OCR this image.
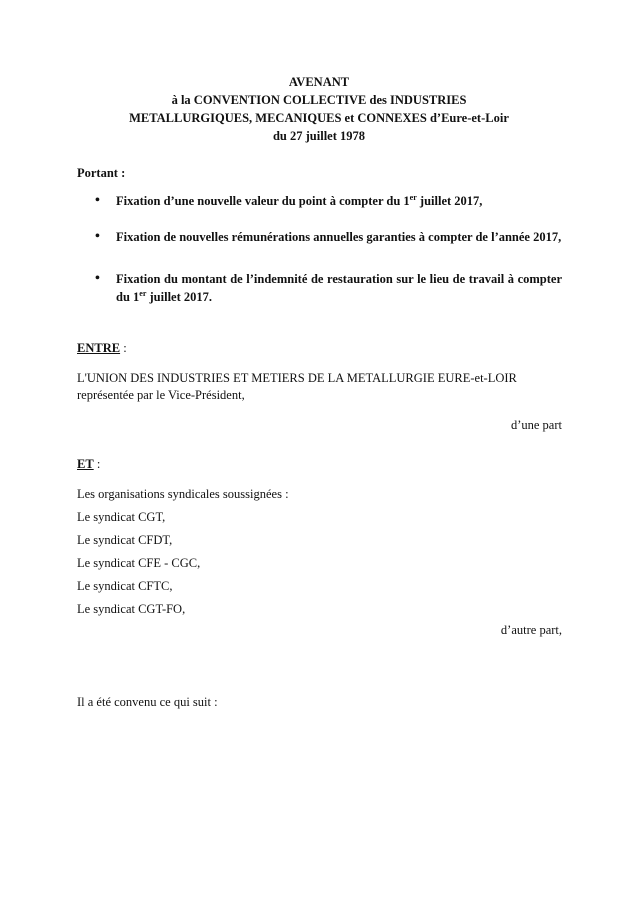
AVENANT
à la CONVENTION COLLECTIVE des INDUSTRIES
METALLURGIQUES, MECANIQUES et CONNEXES d’Eure-et-Loir
du 27 juillet 1978
Portant :
• Fixation d’une nouvelle valeur du point à compter du 1er juillet 2017,
• Fixation de nouvelles rémunérations annuelles garanties à compter de l’année 2017,
• Fixation du montant de l’indemnité de restauration sur le lieu de travail à compter du 1er juillet 2017.
ENTRE :
L'UNION DES INDUSTRIES ET METIERS DE LA METALLURGIE EURE-et-LOIR
représentée par le Vice-Président,
d’une part
ET :
Les organisations syndicales soussignées :
Le syndicat CGT,
Le syndicat CFDT,
Le syndicat CFE - CGC,
Le syndicat CFTC,
Le syndicat CGT-FO,
d’autre part,
Il a été convenu ce qui suit :
